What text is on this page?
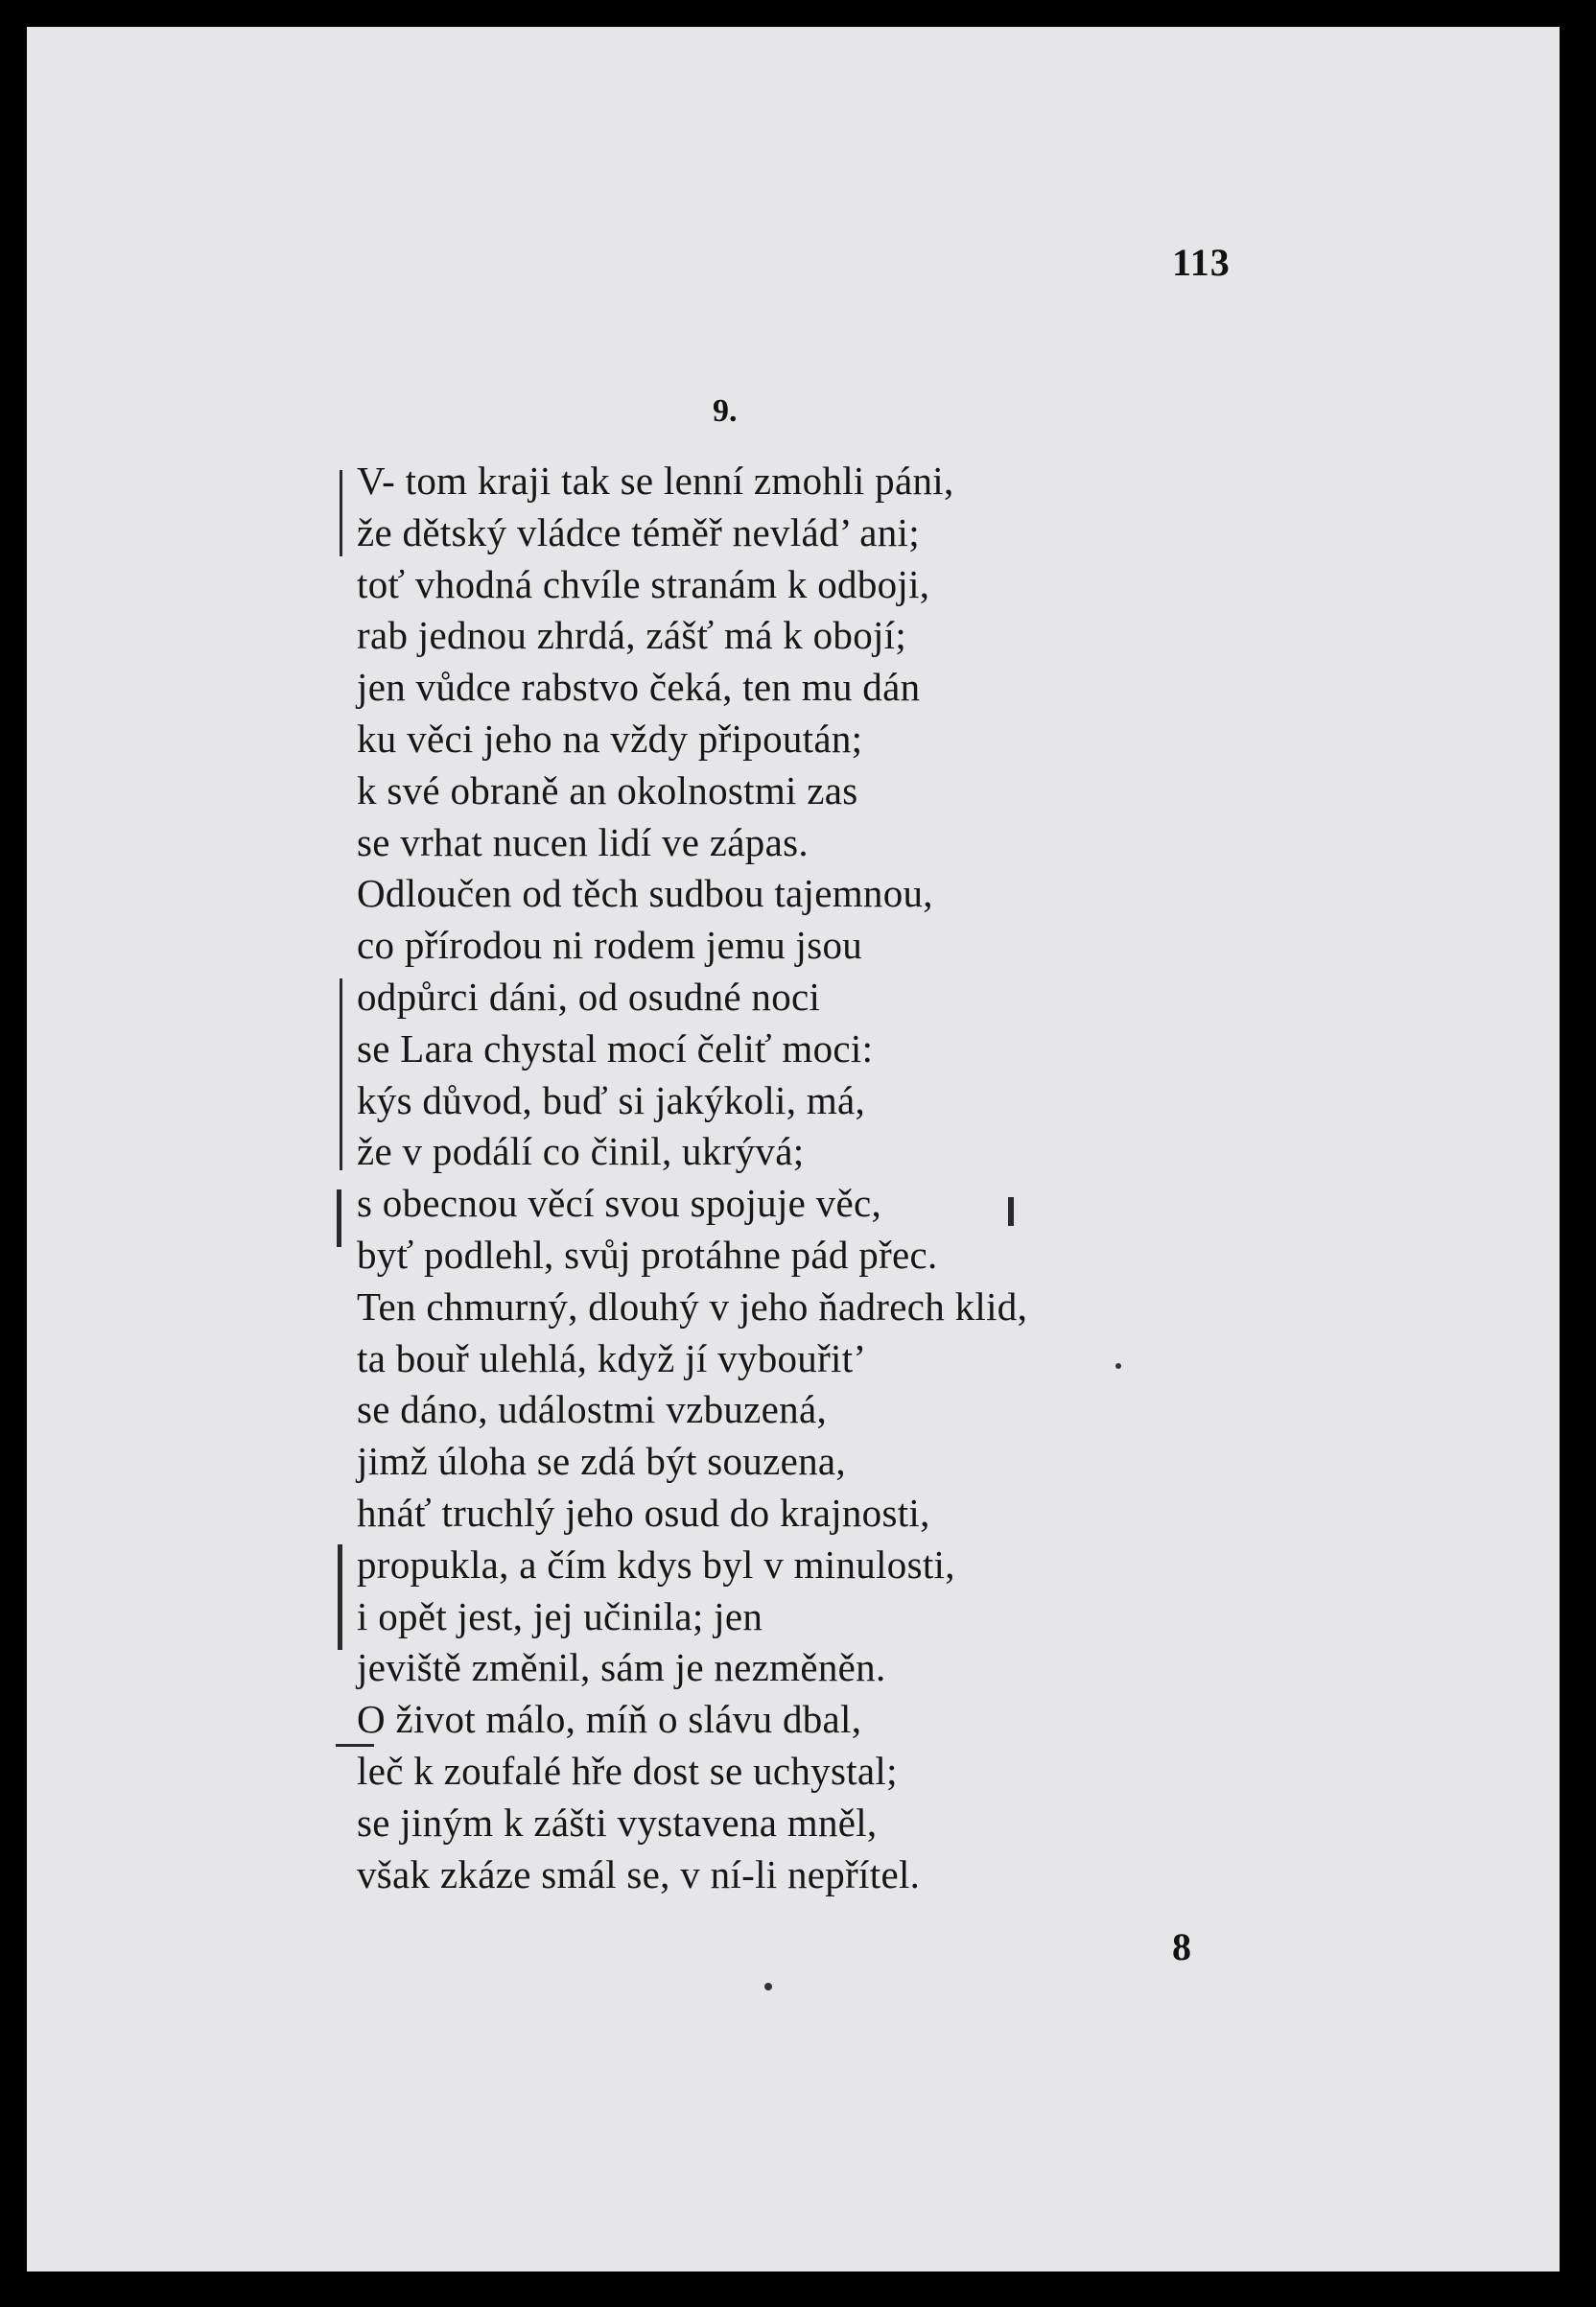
113
9.
V- tom kraji tak se lenní zmohli páni,
že dětský vládce téměř nevlád’ ani;
toť vhodná chvíle stranám k odboji,
rab jednou zhrdá, zášť má k obojí;
jen vůdce rabstvo čeká, ten mu dán
ku věci jeho na vždy připoután;
k své obraně an okolnostmi zas
se vrhat nucen lidí ve zápas.
Odloučen od těch sudbou tajemnou,
co přírodou ni rodem jemu jsou
odpůrci dáni, od osudné noci
se Lara chystal mocí čeliť moci:
kýs důvod, buď si jakýkoli, má,
že v podálí co činil, ukrývá;
s obecnou věcí svou spojuje věc,
byť podlehl, svůj protáhne pád přec.
Ten chmurný, dlouhý v jeho ňadrech klid,
ta bouř ulehlá, když jí vybouřit’
se dáno, událostmi vzbuzená,
jimž úloha se zdá být souzena,
hnáť truchlý jeho osud do krajnosti,
propukla, a čím kdys byl v minulosti,
i opět jest, jej učinila; jen
jeviště změnil, sám je nezměněn.
O život málo, míň o slávu dbal,
leč k zoufalé hře dost se uchystal;
se jiným k zášti vystavena mněl,
však zkáze smál se, v ní-li nepřítel.
8
